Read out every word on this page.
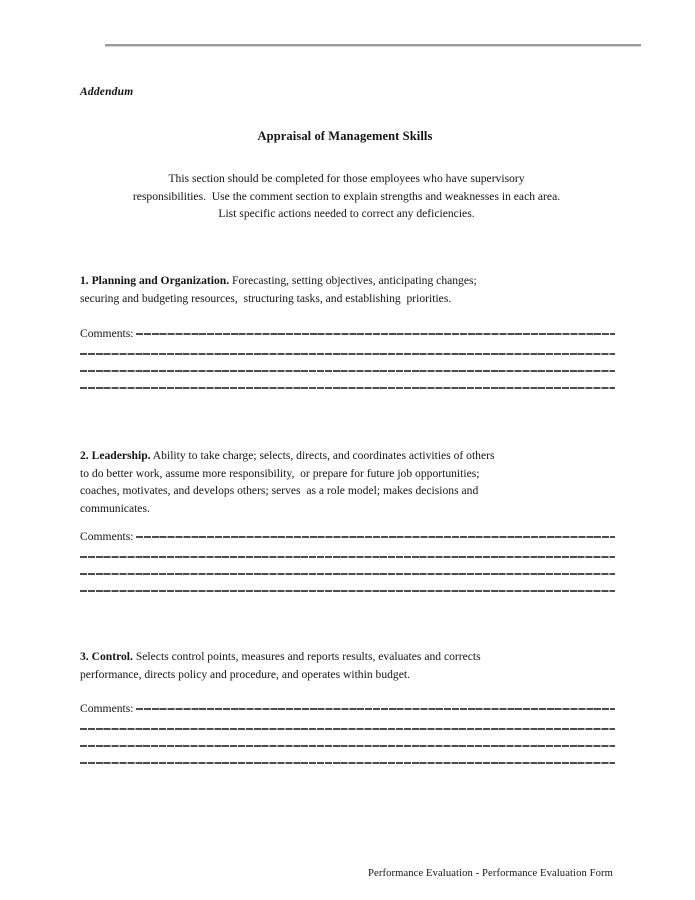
Addendum
Appraisal of Management Skills
This section should be completed for those employees who have supervisory
responsibilities.  Use the comment section to explain strengths and weaknesses in each area.
List specific actions needed to correct any deficiencies.
1. Planning and Organization. Forecasting, setting objectives, anticipating changes;
securing and budgeting resources,  structuring tasks, and establishing  priorities.
Comments:
2. Leadership. Ability to take charge; selects, directs, and coordinates activities of others
to do better work, assume more responsibility,  or prepare for future job opportunities;
coaches, motivates, and develops others; serves  as a role model; makes decisions and
communicates.
Comments:
3. Control. Selects control points, measures and reports results, evaluates and corrects
performance, directs policy and procedure, and operates within budget.
Comments:
Performance Evaluation - Performance Evaluation Form
